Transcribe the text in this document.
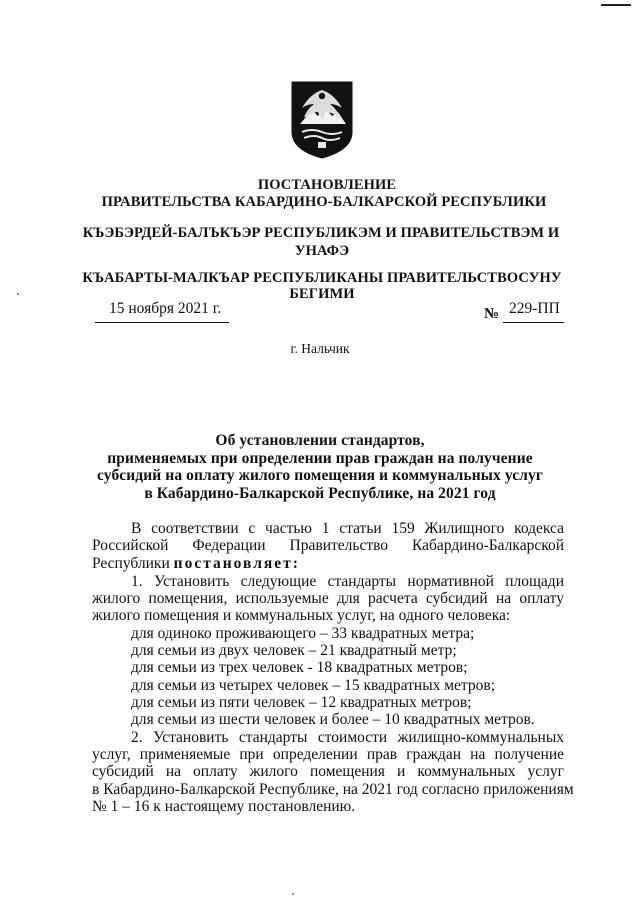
ПОСТАНОВЛЕНИЕ
ПРАВИТЕЛЬСТВА КАБАРДИНО-БАЛКАРСКОЙ РЕСПУБЛИКИ
КЪЭБЭРДЕЙ-БАЛЪКЪЭР РЕСПУБЛИКЭМ И ПРАВИТЕЛЬСТВЭМ И
УНАФЭ
КЪАБАРТЫ-МАЛКЪАР РЕСПУБЛИКАНЫ ПРАВИТЕЛЬСТВОСУНУ
БЕГИМИ
15 ноября 2021 г.	№ 229-ПП
г. Нальчик
Об установлении стандартов,
применяемых при определении прав граждан на получение
субсидий на оплату жилого помещения и коммунальных услуг
в Кабардино-Балкарской Республике, на 2021 год
В соответствии с частью 1 статьи 159 Жилищного кодекса
Российской Федерации Правительство Кабардино-Балкарской
Республики постановляет:
1. Установить следующие стандарты нормативной площади
жилого помещения, используемые для расчета субсидий на оплату
жилого помещения и коммунальных услуг, на одного человека:
для одиноко проживающего – 33 квадратных метра;
для семьи из двух человек – 21 квадратный метр;
для семьи из трех человек - 18 квадратных метров;
для семьи из четырех человек – 15 квадратных метров;
для семьи из пяти человек – 12 квадратных метров;
для семьи из шести человек и более – 10 квадратных метров.
2. Установить стандарты стоимости жилищно-коммунальных
услуг, применяемые при определении прав граждан на получение
субсидий на оплату жилого помещения и коммунальных услуг
в Кабардино-Балкарской Республике, на 2021 год согласно приложениям
№ 1 – 16 к настоящему постановлению.
